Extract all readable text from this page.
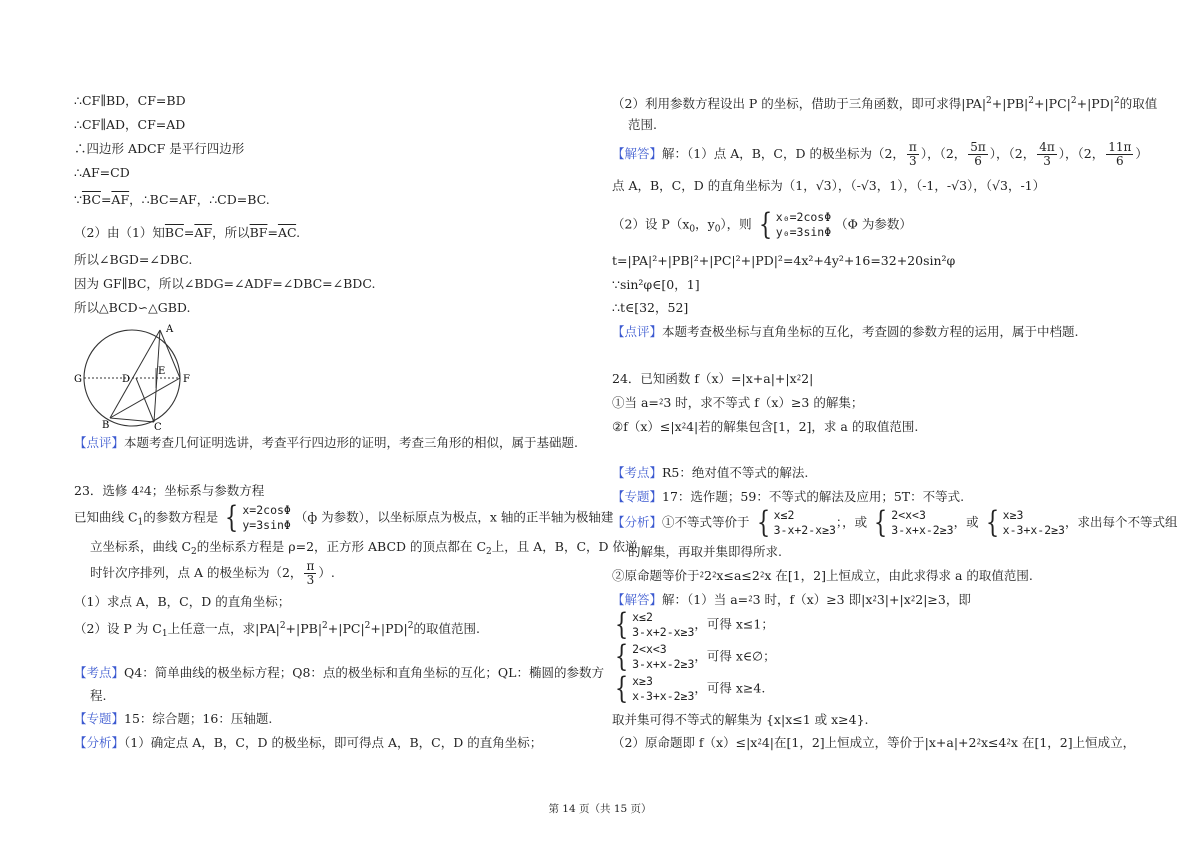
∴CF∥BD，CF=BD
∴CF∥AD，CF=AD
∴四边形 ADCF 是平行四边形
∴AF=CD
$\because\overline{BC}=\overline{AF}$，∴BC=AF，∴CD=BC.
（2）由（1）知$\overline{BC}=\overline{AF}$，所以$\overline{BF}=\overline{AC}$.
所以∠BGD=∠DBC.
因为 GF∥BC，所以∠BDG=∠ADF=∠DBC=∠BDC.
所以△BCD∽△GBD.
A
G	D
E
F
B	C
【点评】本题考查几何证明选讲，考查平行四边形的证明，考查三角形的相似，属于基础题.
23．选修 4⁲4；坐标系与参数方程
已知曲线 $C_1$的参数方程是 { x=2cosΦ
y=3sinΦ
（ф 为参数），以坐标原点为极点，x 轴的正半轴为极轴建
立坐标系，曲线 $C_2$的坐标系方程是 ρ=2，正方形 ABCD 的顶点都在 $C_2$上，且 A，B，C，D 依逆
时针次序排列，点 A 的极坐标为（2， $\frac{\pi}{3}$ ）.
（1）求点 A，B，C，D 的直角坐标；
（2）设 P 为 $C_1$上任意一点，求$|PA|^2+|PB|^2+|PC|^2+|PD|^2$的取值范围.
【考点】Q4：简单曲线的极坐标方程；Q8：点的极坐标和直角坐标的互化；QL：椭圆的参数方
程.
【专题】15：综合题；16：压轴题.
【分析】（1）确定点 A，B，C，D 的极坐标，即可得点 A，B，C，D 的直角坐标；
（2）利用参数方程设出 P 的坐标，借助于三角函数，即可求得$|PA|^2+|PB|^2+|PC|^2+|PD|^2$的取值
范围.
【解答】解：（1）点 A，B，C，D 的极坐标为（2， $\frac{\pi}{3}$ ），（2， $\frac{5\pi}{6}$ ），（2， $\frac{4\pi}{3}$ ），（2， $\frac{11\pi}{6}$ ）
点 A，B，C，D 的直角坐标为（1，√3），（-√3，1），（-1，-√3），（√3，-1）
（2）设 $P(x_0$，$y_0$），则 { x₀=2cosΦ
y₀=3sinΦ
（Φ 为参数）
t=|PA|²+|PB|²+|PC|²+|PD|²=4x²+4y²+16=32+20sin²φ
∵sin²φ∈[0，1]
∴t∈[32，52]
【点评】本题考查极坐标与直角坐标的互化，考查圆的参数方程的运用，属于中档题.
24．已知函数 f（x）=|x+a|+|x⁲2|
①当 a=⁲3 时，求不等式 f（x）≥3 的解集；
②f（x）≤|x⁲4|若的解集包含[1，2]，求 a 的取值范围.
【考点】R5：绝对值不等式的解法.
【专题】17：选作题；59：不等式的解法及应用；5T：不等式.
【分析】①不等式等价于 { x≤2
3-x+2-x≥3
；，或 { 2<x<3
3-x+x-2≥3
，或 { x≥3
x-3+x-2≥3
，求出每个不等式组
的解集，再取并集即得所求.
②原命题等价于⁲2⁲x≤a≤2⁲x 在[1，2]上恒成立，由此求得求 a 的取值范围.
【解答】解：（1）当 a=⁲3 时，f（x）≥3 即|x⁲3|+|x⁲2|≥3，即
{ x≤2
3-x+2-x≥3
，可得 x≤1；
{ 2<x<3
3-x+x-2≥3
，可得 x∈∅；
{ x≥3
x-3+x-2≥3
，可得 x≥4.
取并集可得不等式的解集为 {x|x≤1 或 x≥4}.
（2）原命题即 f（x）≤|x⁲4|在[1，2]上恒成立，等价于|x+a|+2⁲x≤4⁲x 在[1，2]上恒成立，
第 14 页（共 15 页）
